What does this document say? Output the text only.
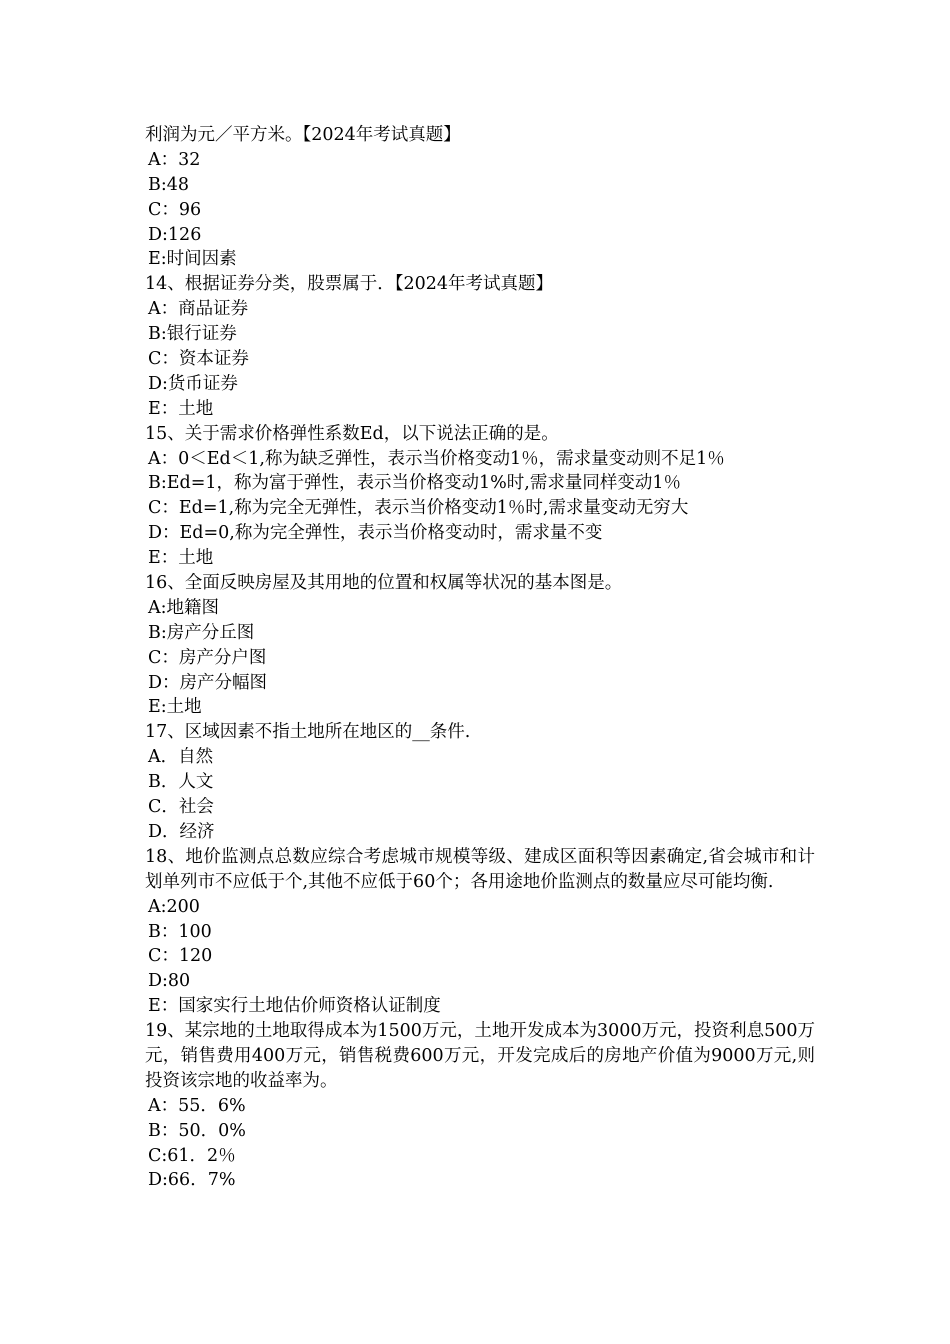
利润为元／平方米。【2024年考试真题】
A：32
B:48
C：96
D:126
E:时间因素
14、根据证券分类，股票属于．【2024年考试真题】
A：商品证券
B:银行证券
C：资本证券
D:货币证券
E：土地
15、关于需求价格弹性系数Ed，以下说法正确的是。
A：0＜Ed＜1,称为缺乏弹性，表示当价格变动1％，需求量变动则不足1％
B:Ed=1，称为富于弹性，表示当价格变动1%时,需求量同样变动1％
C：Ed=1,称为完全无弹性，表示当价格变动1％时,需求量变动无穷大
D：Ed=0,称为完全弹性，表示当价格变动时，需求量不变
E：土地
16、全面反映房屋及其用地的位置和权属等状况的基本图是。
A:地籍图
B:房产分丘图
C：房产分户图
D：房产分幅图
E:土地
17、区域因素不指土地所在地区的__条件.
A．自然
B．人文
C．社会
D．经济
18、地价监测点总数应综合考虑城市规模等级、建成区面积等因素确定,省会城市和计划单列市不应低于个,其他不应低于60个；各用途地价监测点的数量应尽可能均衡.
A:200
B：100
C：120
D:80
E：国家实行土地估价师资格认证制度
19、某宗地的土地取得成本为1500万元，土地开发成本为3000万元，投资利息500万元，销售费用400万元，销售税费600万元，开发完成后的房地产价值为9000万元,则投资该宗地的收益率为。
A：55．6%
B：50．0%
C:61．2％
D:66．7%
